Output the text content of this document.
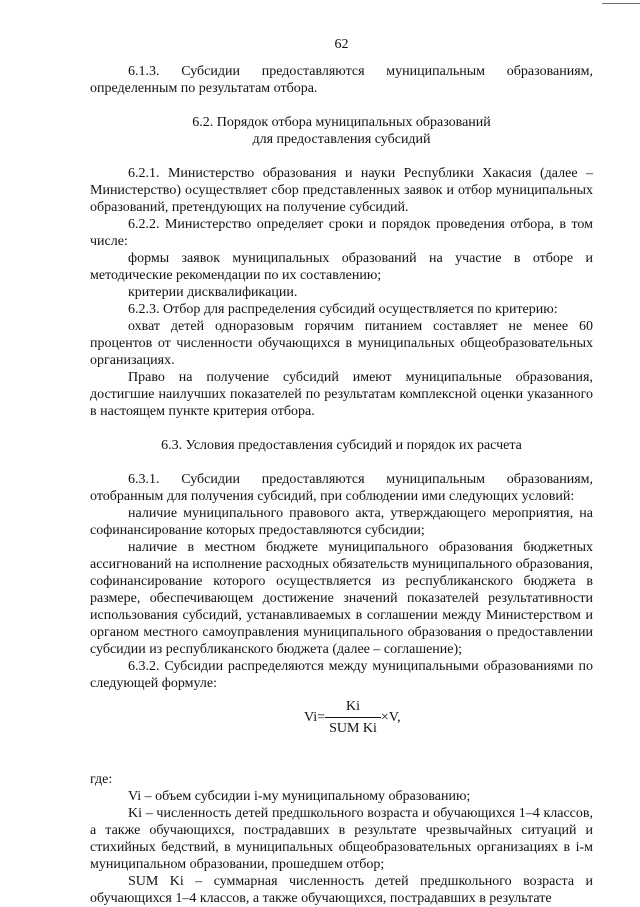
62

6.1.3. Субсидии предоставляются муниципальным образованиям, определенным по результатам отбора.

6.2. Порядок отбора муниципальных образований
для предоставления субсидий

6.2.1. Министерство образования и науки Республики Хакасия (далее – Министерство) осуществляет сбор представленных заявок и отбор муниципальных образований, претендующих на получение субсидий.

6.2.2. Министерство определяет сроки и порядок проведения отбора, в том числе:

формы заявок муниципальных образований на участие в отборе и методические рекомендации по их составлению;

критерии дисквалификации.

6.2.3. Отбор для распределения субсидий осуществляется по критерию:

охват детей одноразовым горячим питанием составляет не менее 60 процентов от численности обучающихся в муниципальных общеобразовательных организациях.

Право на получение субсидий имеют муниципальные образования, достигшие наилучших показателей по результатам комплексной оценки указанного в настоящем пункте критерия отбора.

6.3. Условия предоставления субсидий и порядок их расчета

6.3.1. Субсидии предоставляются муниципальным образованиям, отобранным для получения субсидий, при соблюдении ими следующих условий:

наличие муниципального правового акта, утверждающего мероприятия, на софинансирование которых предоставляются субсидии;

наличие в местном бюджете муниципального образования бюджетных ассигнований на исполнение расходных обязательств муниципального образования, софинансирование которого осуществляется из республиканского бюджета в размере, обеспечивающем достижение значений показателей результативности использования субсидий, устанавливаемых в соглашении между Министерством и органом местного самоуправления муниципального образования о предоставлении субсидии из республиканского бюджета (далее – соглашение);

6.3.2. Субсидии распределяются между муниципальными образованиями по следующей формуле:

$Vi= \frac{Ki}{\text{SUM Ki}} \times V$,

где:

Vi – объем субсидии i-му муниципальному образованию;

Ki – численность детей предшкольного возраста и обучающихся 1–4 классов, а также обучающихся, пострадавших в результате чрезвычайных ситуаций и стихийных бедствий, в муниципальных общеобразовательных организациях в i-м муниципальном образовании, прошедшем отбор;

SUM Ki – суммарная численность детей предшкольного возраста и обучающихся 1–4 классов, а также обучающихся, пострадавших в результате
